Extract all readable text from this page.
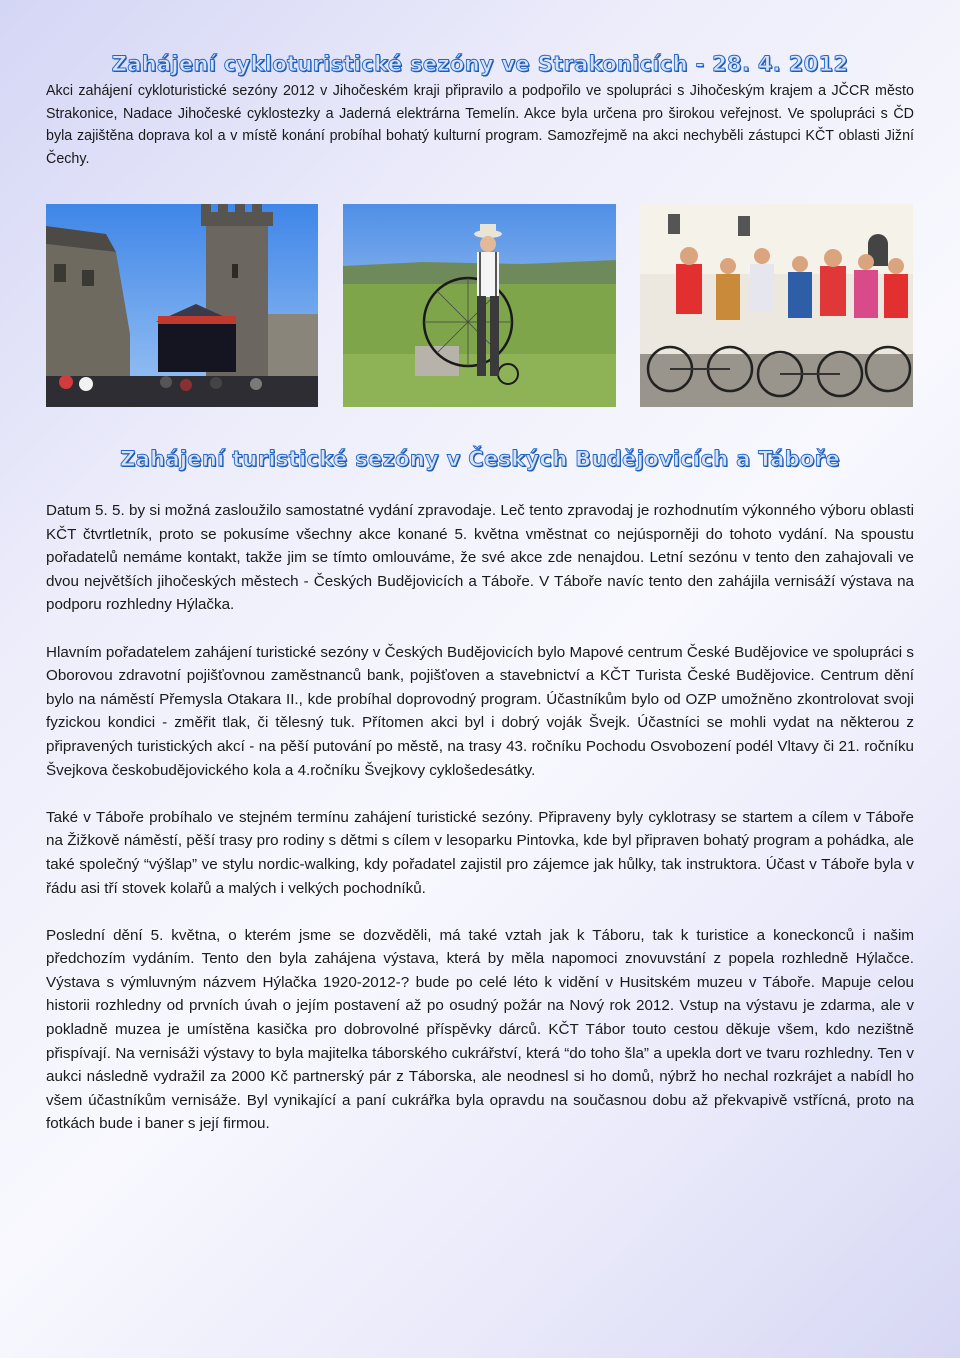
Zahájení cykloturistické sezóny ve Strakonicích - 28. 4. 2012

Akci zahájení cykloturistické sezóny 2012 v Jihočeském kraji připravilo a podpořilo ve spolupráci s Jihočeským krajem a JČCR město Strakonice, Nadace Jihočeské cyklostezky a Jaderná elektrárna Temelín. Akce byla určena pro širokou veřejnost. Ve spolupráci s ČD byla zajištěna doprava kol a v místě konání probíhal bohatý kulturní program. Samozřejmě na akci nechyběli zástupci KČT oblasti Jižní Čechy.

Zahájení turistické sezóny v Českých Budějovicích a Táboře

Datum 5. 5. by si možná zasloužilo samostatné vydání zpravodaje. Leč tento zpravodaj je rozhodnutím výkonného výboru oblasti KČT čtvrtletník, proto se pokusíme všechny akce konané 5. května vměstnat co nejúsporněji do tohoto vydání. Na spoustu pořadatelů nemáme kontakt, takže jim se tímto omlouváme, že své akce zde nenajdou. Letní sezónu v tento den zahajovali ve dvou největších jihočeských městech - Českých Budějovicích a Táboře. V Táboře navíc tento den zahájila vernisáží výstava na podporu rozhledny Hýlačka.

Hlavním pořadatelem zahájení turistické sezóny v Českých Budějovicích bylo Mapové centrum České Budějovice ve spolupráci s Oborovou zdravotní pojišťovnou zaměstnanců bank, pojišťoven a stavebnictví a KČT Turista České Budějovice. Centrum dění bylo na náměstí Přemysla Otakara II., kde probíhal doprovodný program. Účastníkům bylo od OZP umožněno zkontrolovat svoji fyzickou kondici - změřit tlak, či tělesný tuk. Přítomen akci byl i dobrý voják Švejk. Účastníci se mohli vydat na některou z připravených turistických akcí - na pěší putování po městě, na trasy 43. ročníku Pochodu Osvobození podél Vltavy či 21. ročníku Švejkova českobudějovického kola a 4.ročníku Švejkovy cyklošedesátky.

Také v Táboře probíhalo ve stejném termínu zahájení turistické sezóny. Připraveny byly cyklotrasy se startem a cílem v Táboře na Žižkově náměstí, pěší trasy pro rodiny s dětmi s cílem v lesoparku Pintovka, kde byl připraven bohatý program a pohádka, ale také společný “výšlap” ve stylu nordic-walking, kdy pořadatel zajistil pro zájemce jak hůlky, tak instruktora. Účast v Táboře byla v řádu asi tří stovek kolařů a malých i velkých pochodníků.

Poslední dění 5. května, o kterém jsme se dozvěděli, má také vztah jak k Táboru, tak k turistice a koneckonců i našim předchozím vydáním. Tento den byla zahájena výstava, která by měla napomoci znovuvstání z popela rozhledně Hýlačce. Výstava s výmluvným názvem Hýlačka 1920-2012-? bude po celé léto k vidění v Husitském muzeu v Táboře. Mapuje celou historii rozhledny od prvních úvah o jejím postavení až po osudný požár na Nový rok 2012. Vstup na výstavu je zdarma, ale v pokladně muzea je umístěna kasička pro dobrovolné příspěvky dárců. KČT Tábor touto cestou děkuje všem, kdo nezištně přispívají. Na vernisáži výstavy to byla majitelka táborského cukrářství, která “do toho šla” a upekla dort ve tvaru rozhledny. Ten v aukci následně vydražil za 2000 Kč partnerský pár z Táborska, ale neodnesl si ho domů, nýbrž ho nechal rozkrájet a nabídl ho všem účastníkům vernisáže. Byl vynikající a paní cukrářka byla opravdu na současnou dobu až překvapivě vstřícná, proto na fotkách bude i baner s její firmou.
